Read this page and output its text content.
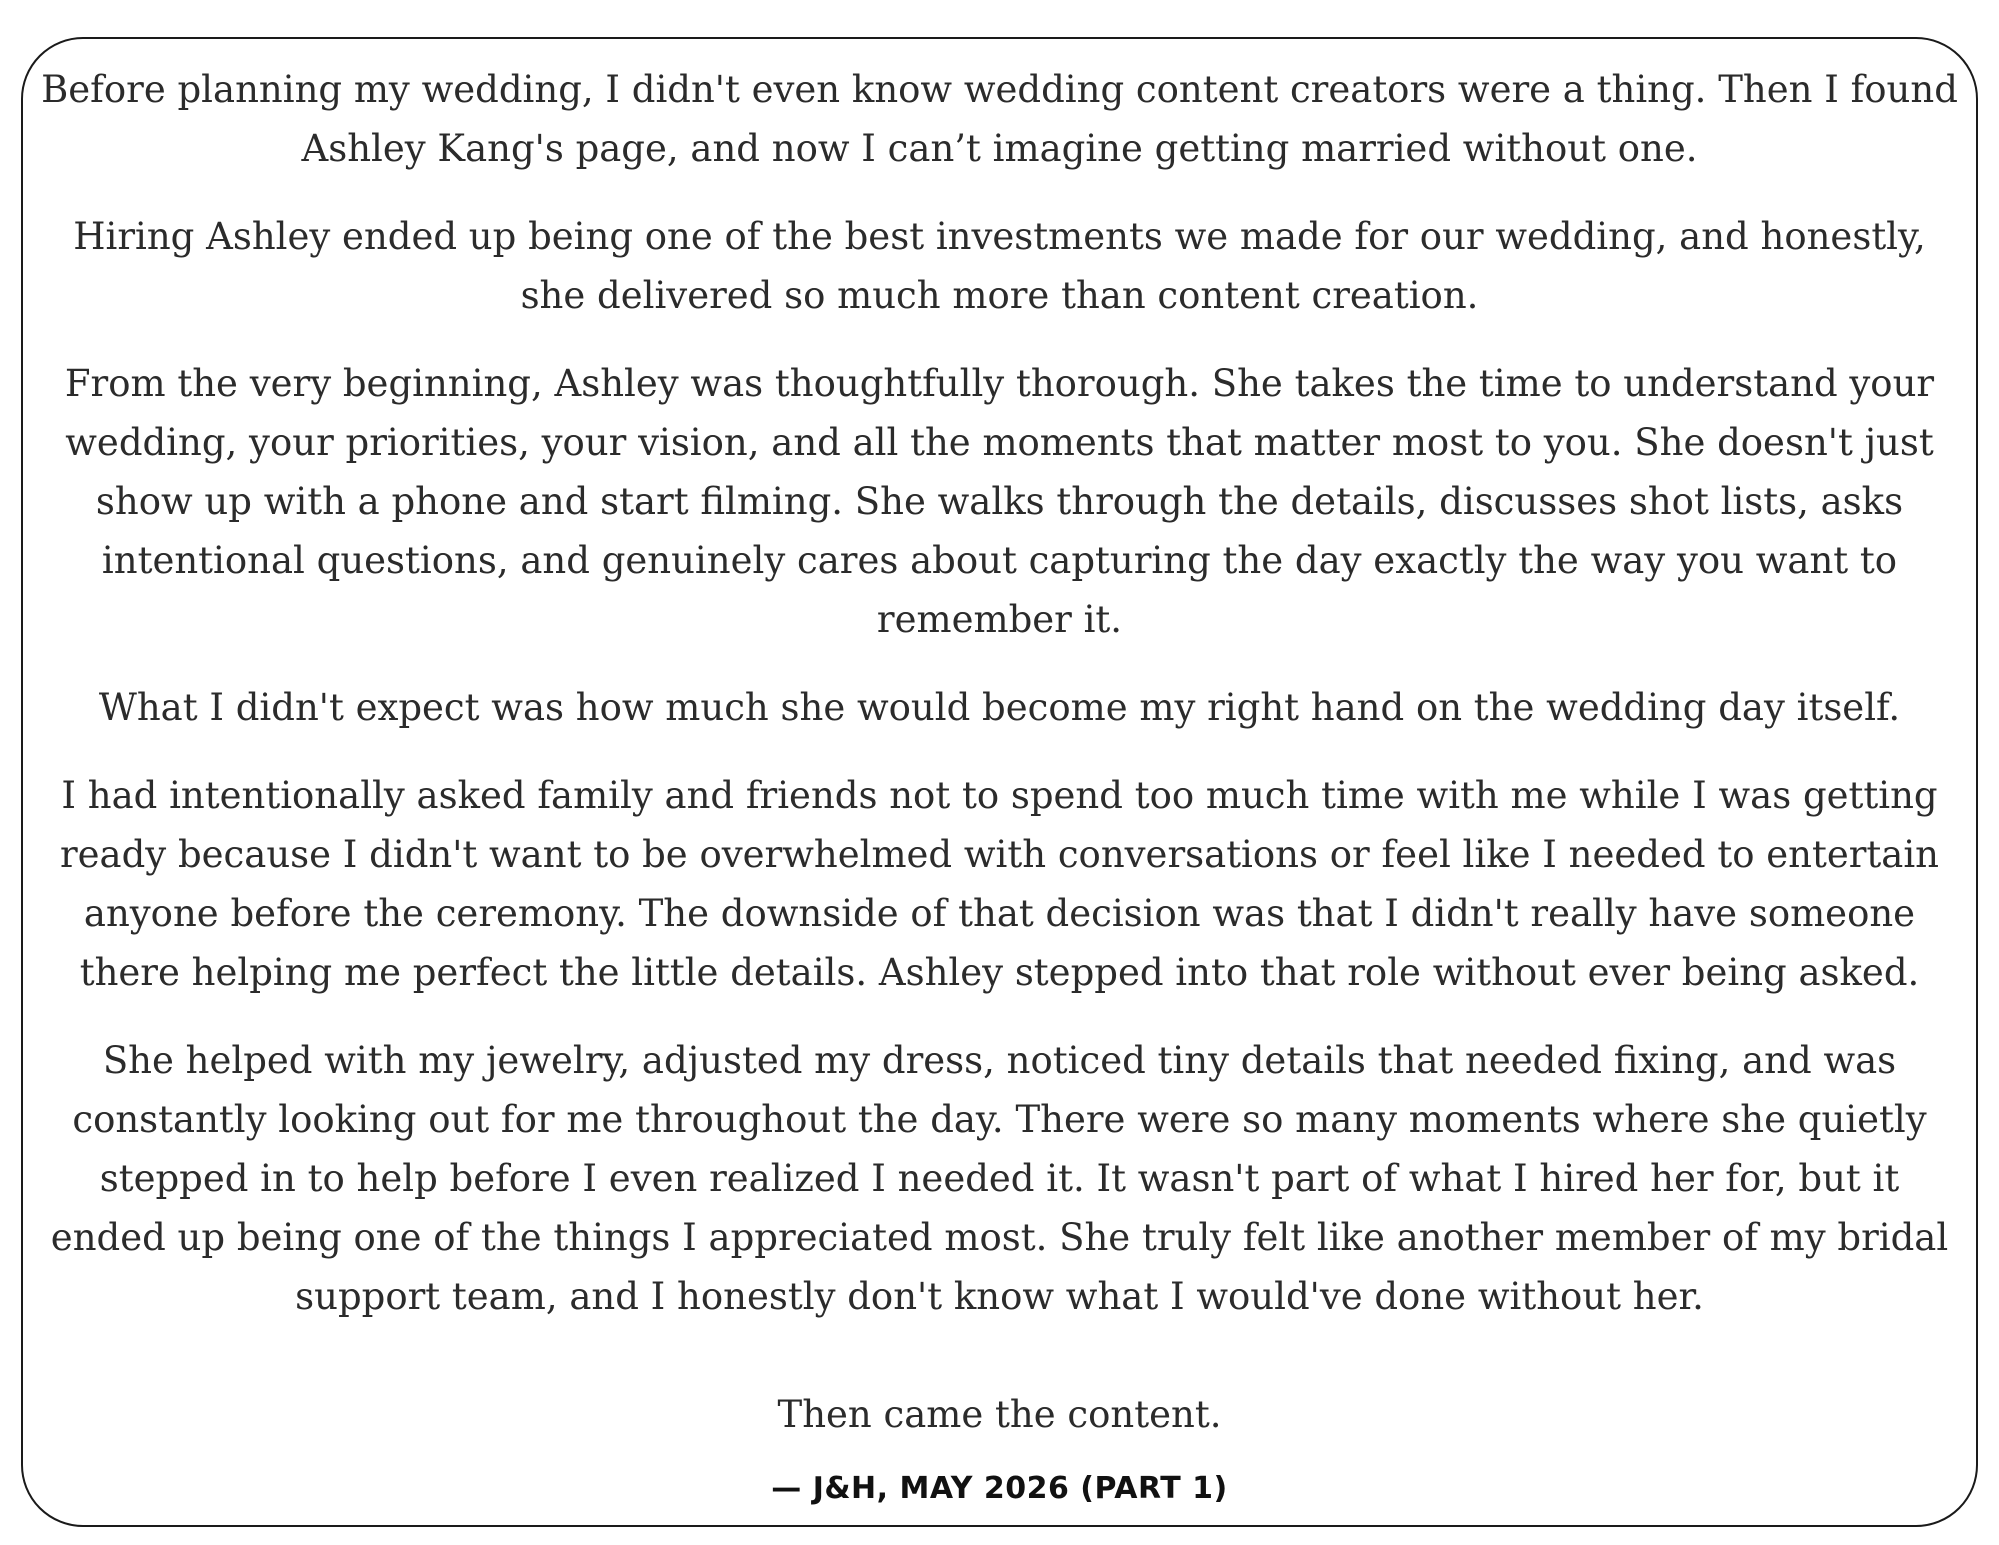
Before planning my wedding, I didn't even know wedding content creators were a thing. Then I found Ashley Kang's page, and now I can’t imagine getting married without one.

Hiring Ashley ended up being one of the best investments we made for our wedding, and honestly, she delivered so much more than content creation.

From the very beginning, Ashley was thoughtfully thorough. She takes the time to understand your wedding, your priorities, your vision, and all the moments that matter most to you. She doesn't just show up with a phone and start filming. She walks through the details, discusses shot lists, asks intentional questions, and genuinely cares about capturing the day exactly the way you want to remember it.

What I didn't expect was how much she would become my right hand on the wedding day itself.

I had intentionally asked family and friends not to spend too much time with me while I was getting ready because I didn't want to be overwhelmed with conversations or feel like I needed to entertain anyone before the ceremony. The downside of that decision was that I didn't really have someone there helping me perfect the little details. Ashley stepped into that role without ever being asked.

She helped with my jewelry, adjusted my dress, noticed tiny details that needed fixing, and was constantly looking out for me throughout the day. There were so many moments where she quietly stepped in to help before I even realized I needed it. It wasn't part of what I hired her for, but it ended up being one of the things I appreciated most. She truly felt like another member of my bridal support team, and I honestly don't know what I would've done without her.

Then came the content.

— J&H, MAY 2026 (PART 1)
